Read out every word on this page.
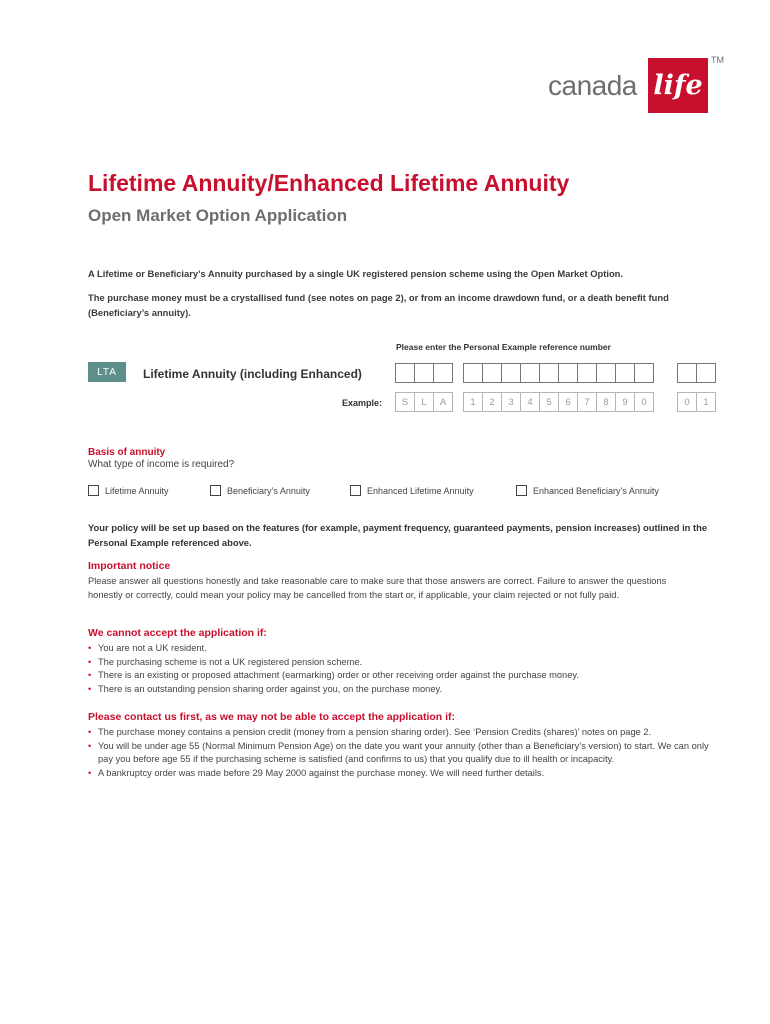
canada life
TM
Lifetime Annuity/Enhanced Lifetime Annuity
Open Market Option Application
A Lifetime or Beneficiary’s Annuity purchased by a single UK registered pension scheme using the Open Market Option.
The purchase money must be a crystallised fund (see notes on page 2), or from an income drawdown fund, or a death benefit fund (Beneficiary’s annuity).
Please enter the Personal Example reference number
LTA	Lifetime Annuity (including Enhanced)
Example:	S	L	A	1	2	3	4	5	6	7	8	9	0	0	1
Basis of annuity
What type of income is required?
Lifetime Annuity	Beneficiary’s Annuity	Enhanced Lifetime Annuity	Enhanced Beneficiary’s Annuity
Your policy will be set up based on the features (for example, payment frequency, guaranteed payments, pension increases) outlined in the Personal Example referenced above.
Important notice
Please answer all questions honestly and take reasonable care to make sure that those answers are correct. Failure to answer the questions honestly or correctly, could mean your policy may be cancelled from the start or, if applicable, your claim rejected or not fully paid.
We cannot accept the application if:
• You are not a UK resident.
• The purchasing scheme is not a UK registered pension scheme.
• There is an existing or proposed attachment (earmarking) order or other receiving order against the purchase money.
• There is an outstanding pension sharing order against you, on the purchase money.
Please contact us first, as we may not be able to accept the application if:
• The purchase money contains a pension credit (money from a pension sharing order). See ‘Pension Credits (shares)’ notes on page 2.
• You will be under age 55 (Normal Minimum Pension Age) on the date you want your annuity (other than a Beneficiary’s version) to start. We can only pay you before age 55 if the purchasing scheme is satisfied (and confirms to us) that you qualify due to ill health or incapacity.
• A bankruptcy order was made before 29 May 2000 against the purchase money. We will need further details.
